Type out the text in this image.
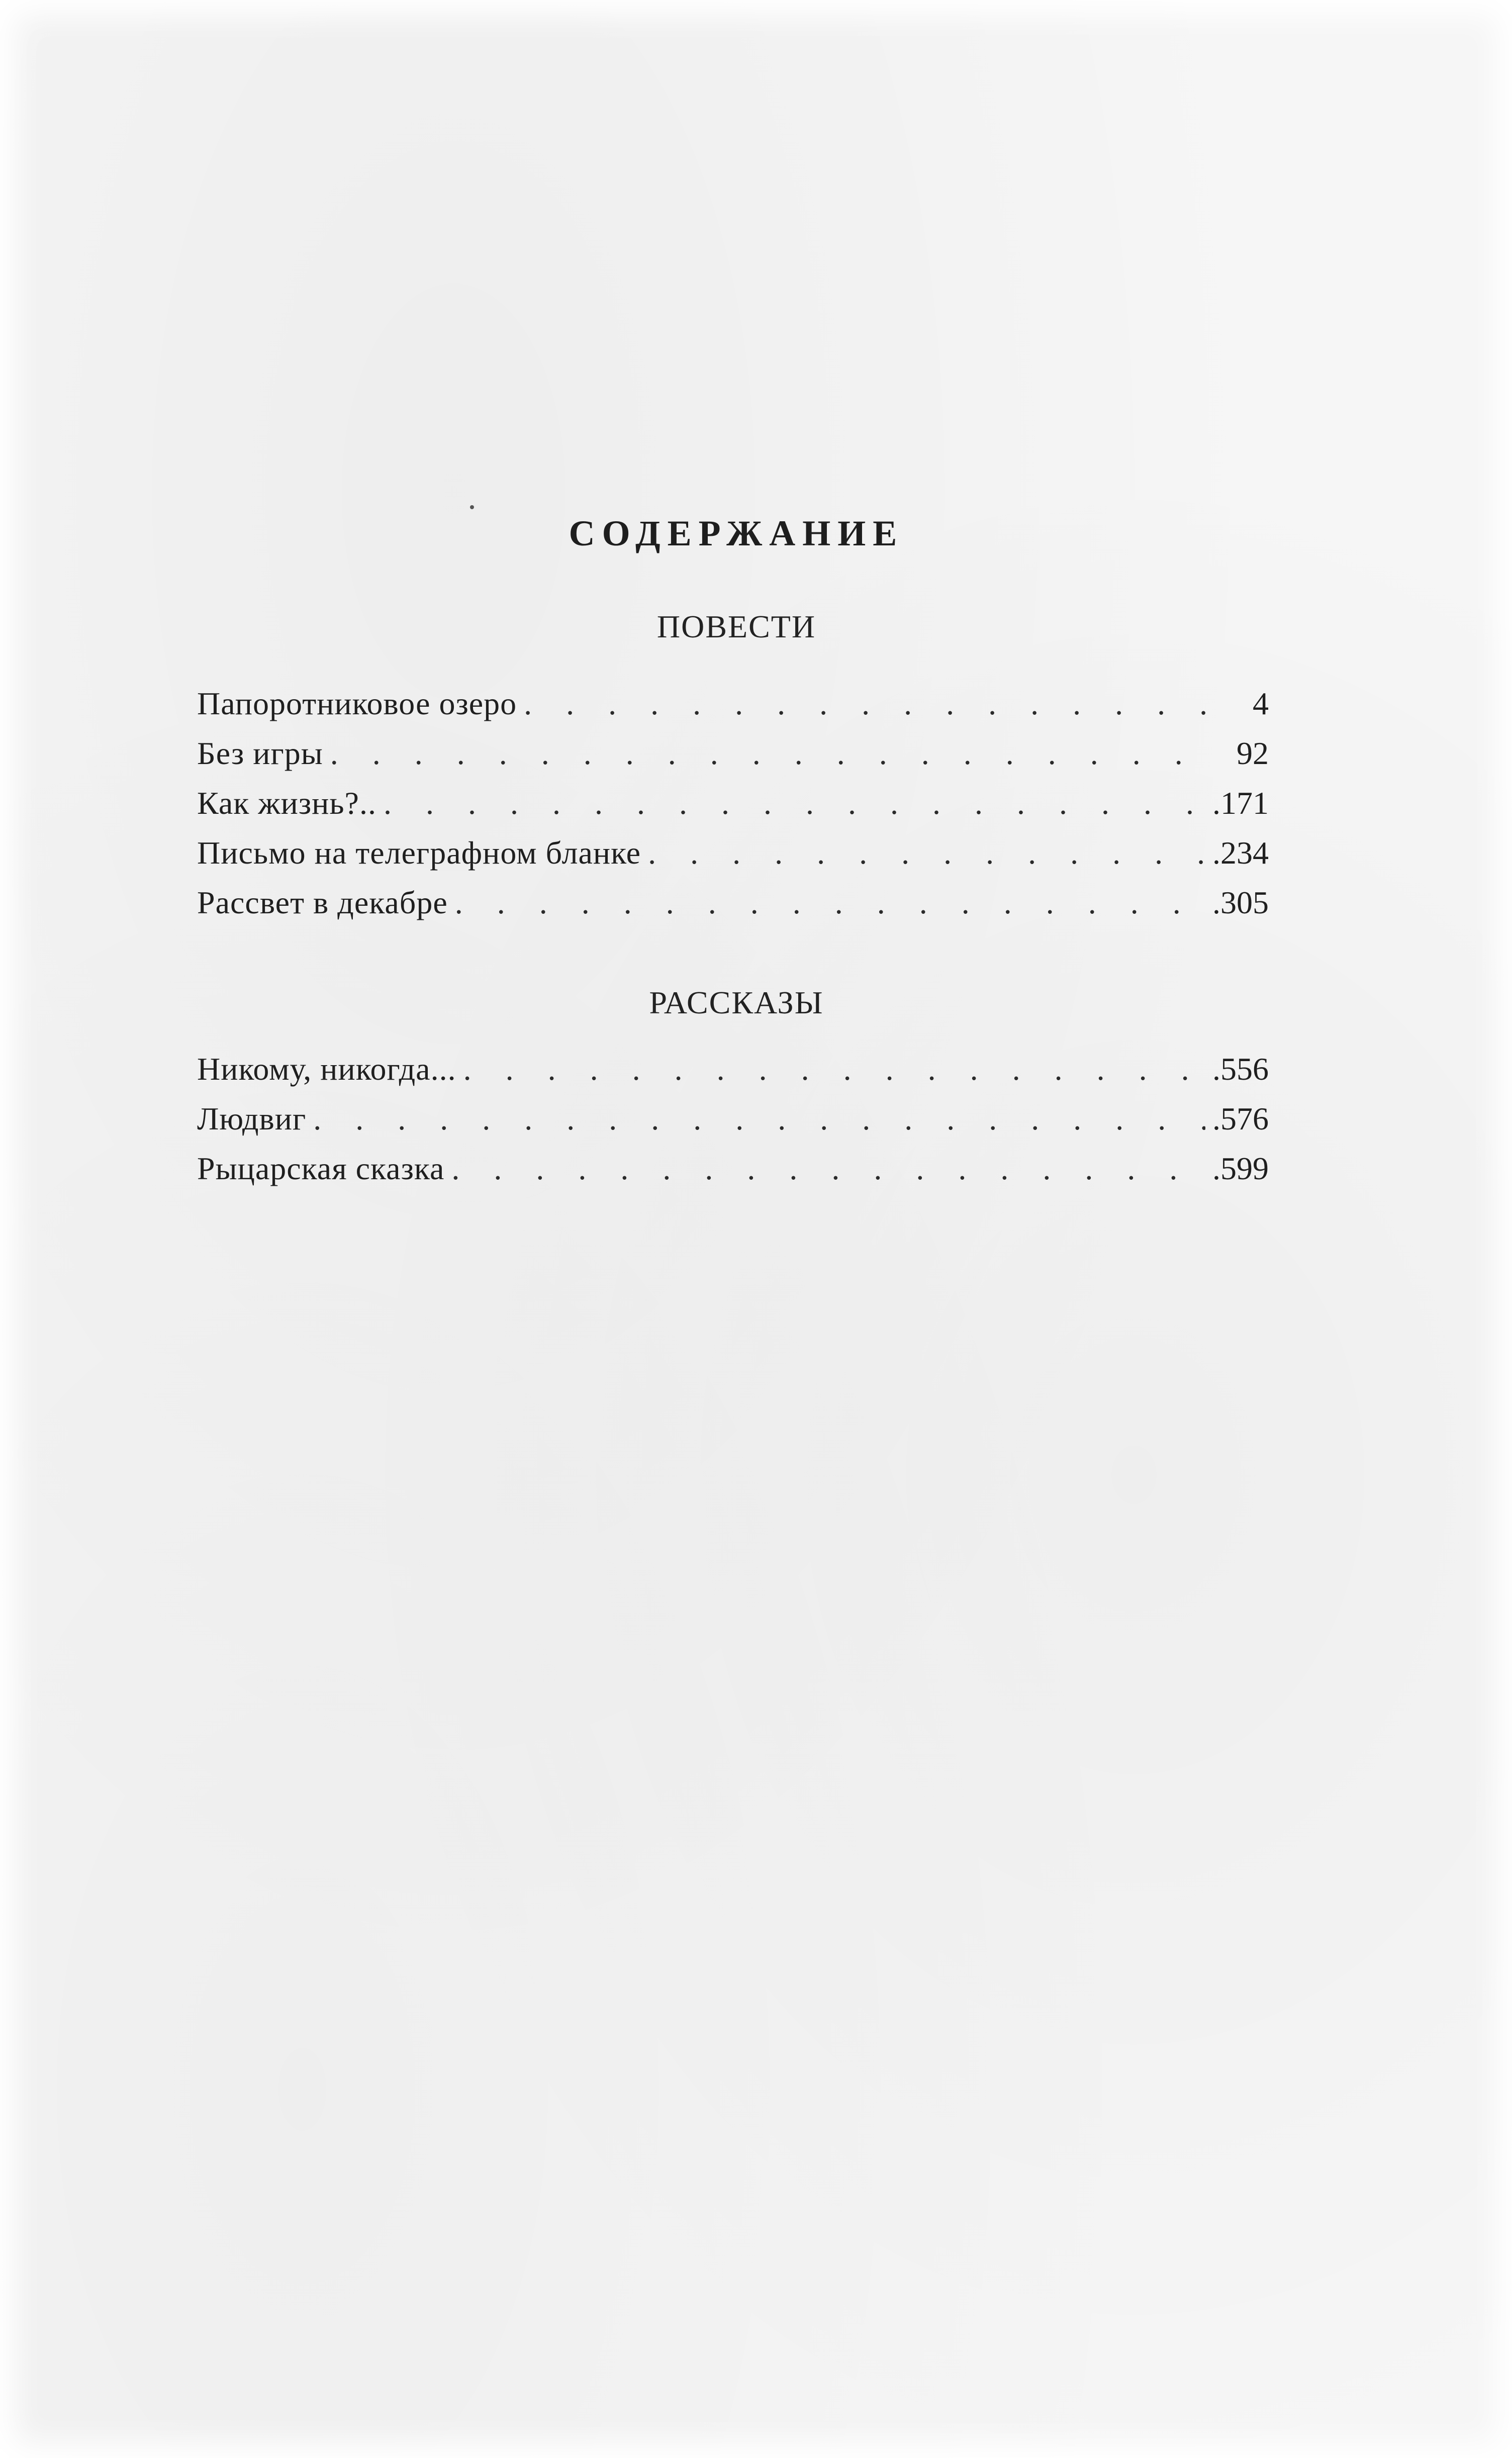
СОДЕРЖАНИЕ
ПОВЕСТИ
Папоротниковое озеро . . .	4
Без игры . . .	92
Как жизнь?.. . . .	.171
Письмо на телеграфном бланке . . .	.234
Рассвет в декабре . . .	.305
РАССКАЗЫ
Никому, никогда... . . .	.556
Людвиг . . .	.576
Рыцарская сказка . . .	.599
